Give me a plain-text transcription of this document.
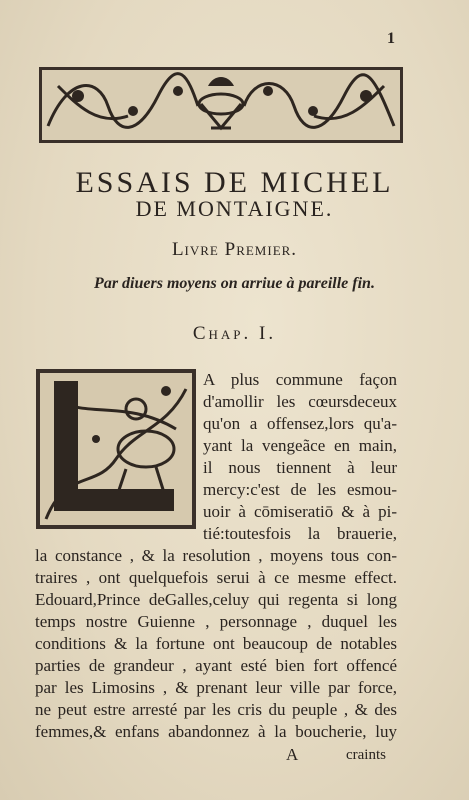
1
ESSAIS DE MICHEL
DE MONTAIGNE.
Livre Premier.
Par diuers moyens on arriue à pareille fin.
Chap. I.
A plus commune façon
d'amollir les cœursdeceux
qu'on a offensez,lors qu'a-
yant la vengeãce en main,
il nous tiennent à leur
mercy:c'est de les esmou-
uoir à cōmiseratiō & à pi-
tié:toutesfois la brauerie,
la constance , & la resolution , moyens tous con-
traires , ont quelquefois serui à ce mesme effect.
Edouard,Prince deGalles,celuy qui regenta si long
temps nostre Guienne , personnage , duquel les
conditions & la fortune ont beaucoup de notables
parties de grandeur , ayant esté bien fort offencé
par les Limosins , & prenant leur ville par force,
ne peut estre arresté par les cris du peuple , & des
femmes,& enfans abandonnez à la boucherie, luy
A	craints
